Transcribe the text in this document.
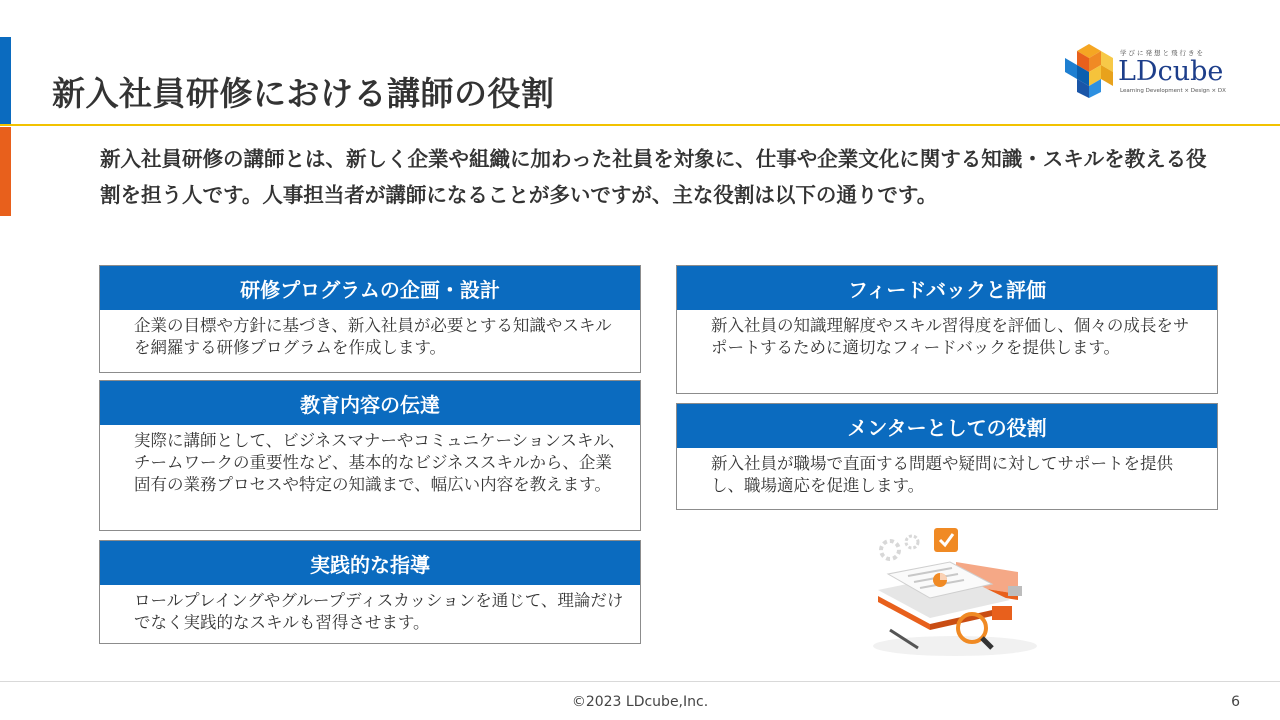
新入社員研修における講師の役割
学びに発想と飛行きを
LDcube
Learning Development × Design × DX

新入社員研修の講師とは、新しく企業や組織に加わった社員を対象に、仕事や企業文化に関する知識・スキルを教える役割を担う人です。人事担当者が講師になることが多いですが、主な役割は以下の通りです。

研修プログラムの企画・設計
企業の目標や方針に基づき、新入社員が必要とする知識やスキルを網羅する研修プログラムを作成します。
教育内容の伝達
実際に講師として、ビジネスマナーやコミュニケーションスキル、チームワークの重要性など、基本的なビジネススキルから、企業固有の業務プロセスや特定の知識まで、幅広い内容を教えます。
実践的な指導
ロールプレイングやグループディスカッションを通じて、理論だけでなく実践的なスキルも習得させます。
フィードバックと評価
新入社員の知識理解度やスキル習得度を評価し、個々の成長をサポートするために適切なフィードバックを提供します。
メンターとしての役割
新入社員が職場で直面する問題や疑問に対してサポートを提供し、職場適応を促進します。
©2023 LDcube,Inc.	6
